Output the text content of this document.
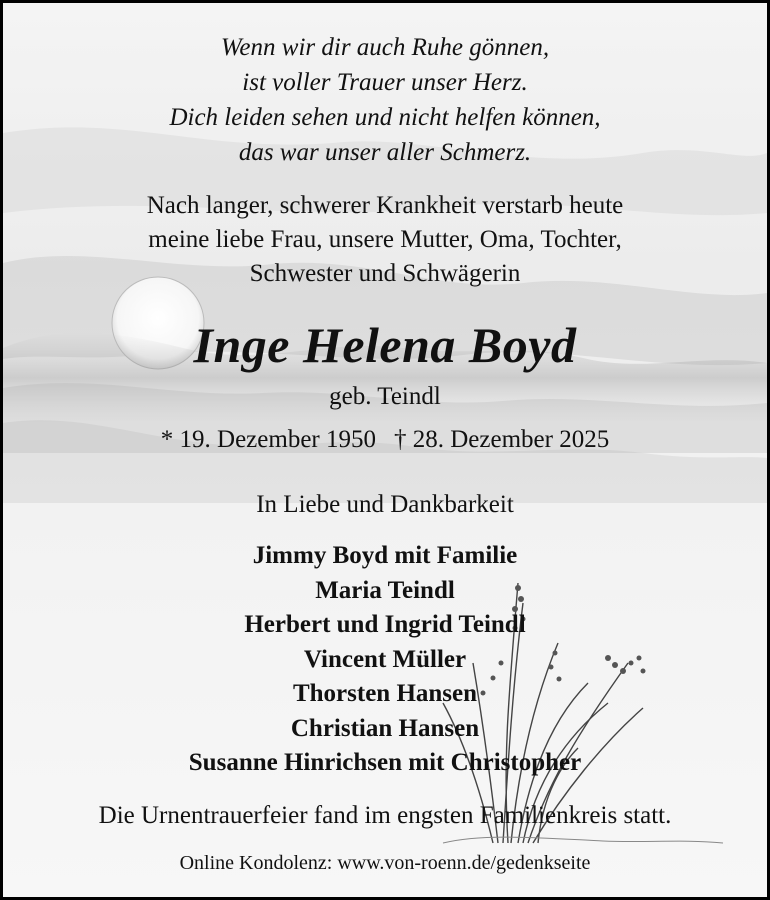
Wenn wir dir auch Ruhe gönnen,
ist voller Trauer unser Herz.
Dich leiden sehen und nicht helfen können,
das war unser aller Schmerz.
Nach langer, schwerer Krankheit verstarb heute
meine liebe Frau, unsere Mutter, Oma, Tochter,
Schwester und Schwägerin
Inge Helena Boyd
geb. Teindl
* 19. Dezember 1950 † 28. Dezember 2025
In Liebe und Dankbarkeit
Jimmy Boyd mit Familie
Maria Teindl
Herbert und Ingrid Teindl
Vincent Müller
Thorsten Hansen
Christian Hansen
Susanne Hinrichsen mit Christopher
Die Urnentrauerfeier fand im engsten Familienkreis statt.
Online Kondolenz: www.von-roenn.de/gedenkseite
